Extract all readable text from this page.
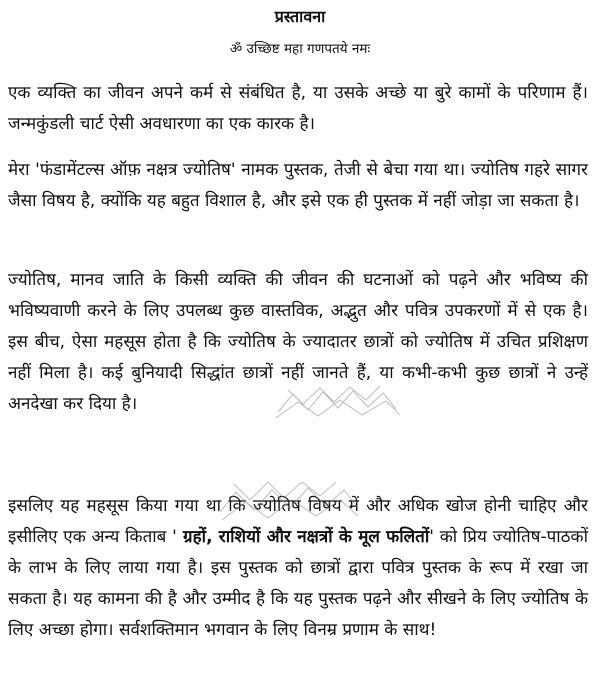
प्रस्तावना
ॐ उच्छिष्ट महा गणपतये नमः

एक व्यक्ति का जीवन अपने कर्म से संबंधित है, या उसके अच्छे या बुरे कामों के परिणाम हैं। जन्मकुंडली चार्ट ऐसी अवधारणा का एक कारक है।

मेरा 'फंडामेंटल्स ऑफ़ नक्षत्र ज्योतिष' नामक पुस्तक, तेजी से बेचा गया था। ज्योतिष गहरे सागर जैसा विषय है, क्योंकि यह बहुत विशाल है, और इसे एक ही पुस्तक में नहीं जोड़ा जा सकता है।

ज्योतिष, मानव जाति के किसी व्यक्ति की जीवन की घटनाओं को पढ़ने और भविष्य की भविष्यवाणी करने के लिए उपलब्ध कुछ वास्तविक, अद्भुत और पवित्र उपकरणों में से एक है। इस बीच, ऐसा महसूस होता है कि ज्योतिष के ज्यादातर छात्रों को ज्योतिष में उचित प्रशिक्षण नहीं मिला है। कई बुनियादी सिद्धांत छात्रों नहीं जानते हैं, या कभी-कभी कुछ छात्रों ने उन्हें अनदेखा कर दिया है।

इसलिए यह महसूस किया गया था कि ज्योतिष विषय में और अधिक खोज होनी चाहिए और इसीलिए एक अन्य किताब ' ग्रहों, राशियों और नक्षत्रों के मूल फलितों' को प्रिय ज्योतिष-पाठकों के लाभ के लिए लाया गया है। इस पुस्तक को छात्रों द्वारा पवित्र पुस्तक के रूप में रखा जा सकता है। यह कामना की है और उम्मीद है कि यह पुस्तक पढ़ने और सीखने के लिए ज्योतिष के लिए अच्छा होगा। सर्वशक्तिमान भगवान के लिए विनम्र प्रणाम के साथ!
